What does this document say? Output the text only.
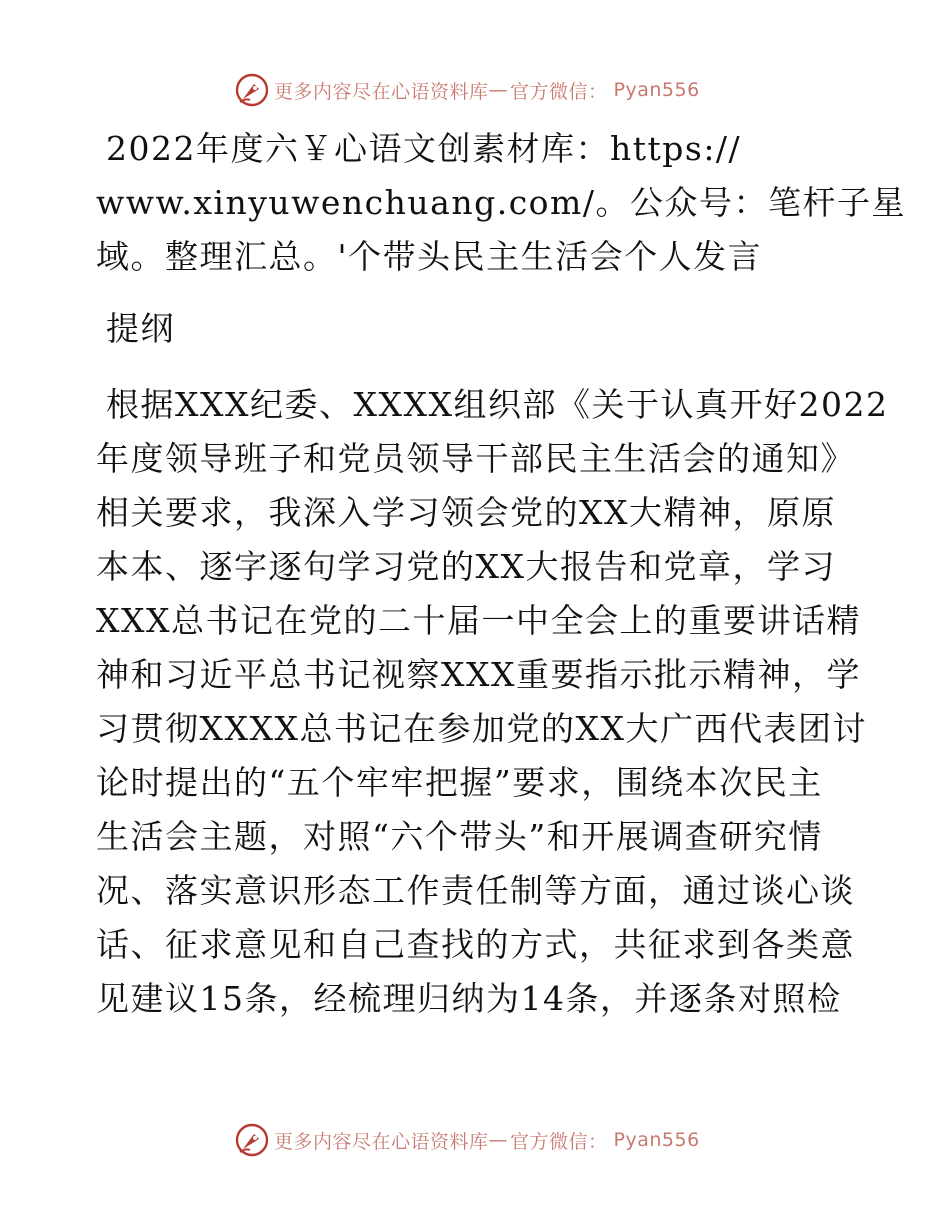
更多内容尽在心语资料库 — 官方微信： Pyan556
2022年度六￥心语文创素材库：https://
www.xinyuwenchuang.com/。公众号：笔杆子星
域。整理汇总。'个带头民主生活会个人发言
提纲
根据XXX纪委、XXXX组织部《关于认真开好2022
年度领导班子和党员领导干部民主生活会的通知》
相关要求，我深入学习领会党的XX大精神，原原
本本、逐字逐句学习党的XX大报告和党章，学习
XXX总书记在党的二十届一中全会上的重要讲话精
神和习近平总书记视察XXX重要指示批示精神，学
习贯彻XXXX总书记在参加党的XX大广西代表团讨
论时提出的“五个牢牢把握”要求，围绕本次民主
生活会主题，对照“六个带头”和开展调查研究情
况、落实意识形态工作责任制等方面，通过谈心谈
话、征求意见和自己查找的方式，共征求到各类意
见建议15条，经梳理归纳为14条，并逐条对照检
更多内容尽在心语资料库 — 官方微信： Pyan556
